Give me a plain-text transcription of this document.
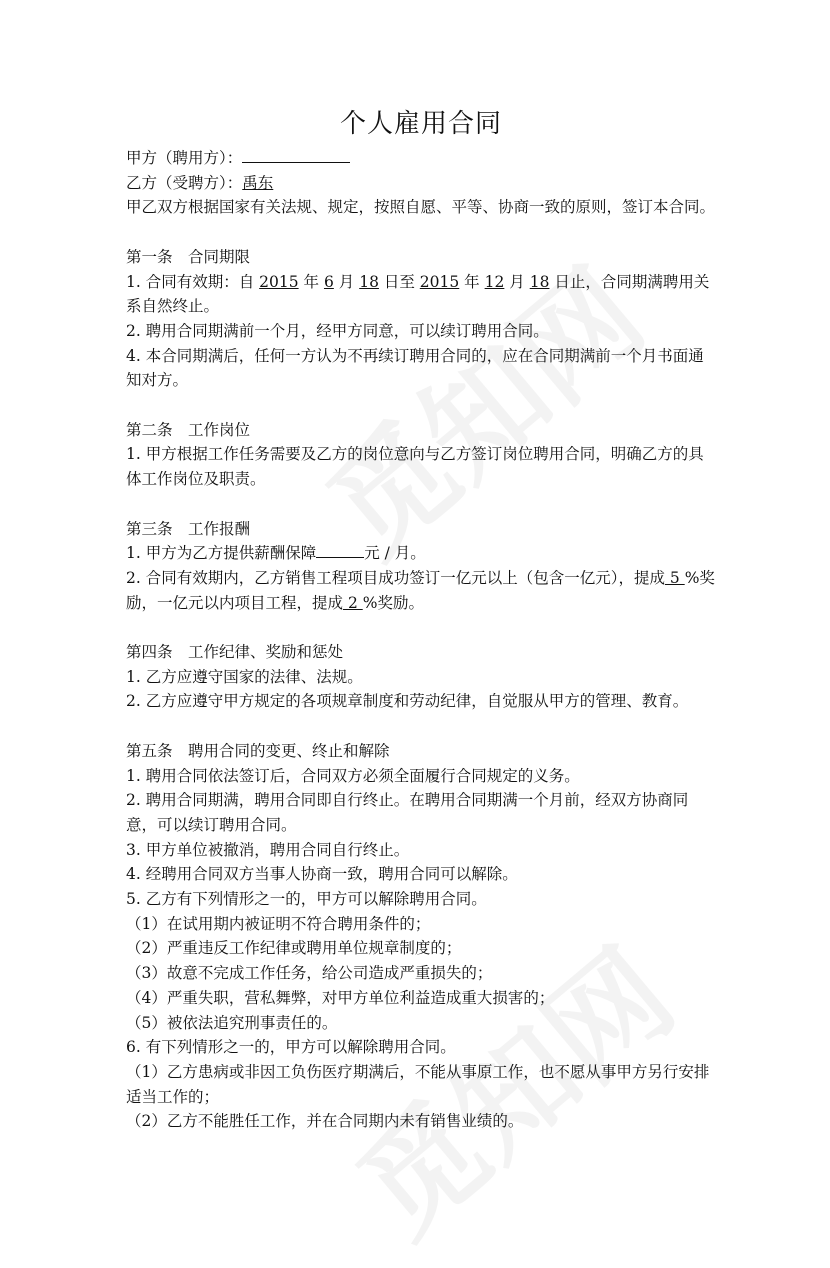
个人雇用合同
甲方（聘用方）：
乙方（受聘方）：禹东
甲乙双方根据国家有关法规、规定，按照自愿、平等、协商一致的原则，签订本合同。
第一条　合同期限
1. 合同有效期：自 2015 年 6 月 18 日至 2015 年 12 月 18 日止，合同期满聘用关系自然终止。
2. 聘用合同期满前一个月，经甲方同意，可以续订聘用合同。
4. 本合同期满后，任何一方认为不再续订聘用合同的，应在合同期满前一个月书面通知对方。
第二条　工作岗位
1. 甲方根据工作任务需要及乙方的岗位意向与乙方签订岗位聘用合同，明确乙方的具体工作岗位及职责。
第三条　工作报酬
1. 甲方为乙方提供薪酬保障	元 / 月。
2. 合同有效期内，乙方销售工程项目成功签订一亿元以上（包含一亿元），提成 5 %奖励，一亿元以内项目工程，提成 2 %奖励。
第四条　工作纪律、奖励和惩处
1. 乙方应遵守国家的法律、法规。
2. 乙方应遵守甲方规定的各项规章制度和劳动纪律，自觉服从甲方的管理、教育。
第五条　聘用合同的变更、终止和解除
1. 聘用合同依法签订后，合同双方必须全面履行合同规定的义务。
2. 聘用合同期满，聘用合同即自行终止。在聘用合同期满一个月前，经双方协商同意，可以续订聘用合同。
3. 甲方单位被撤消，聘用合同自行终止。
4. 经聘用合同双方当事人协商一致，聘用合同可以解除。
5. 乙方有下列情形之一的，甲方可以解除聘用合同。
（1）在试用期内被证明不符合聘用条件的；
（2）严重违反工作纪律或聘用单位规章制度的；
（3）故意不完成工作任务，给公司造成严重损失的；
（4）严重失职，营私舞弊，对甲方单位利益造成重大损害的；
（5）被依法追究刑事责任的。
6. 有下列情形之一的，甲方可以解除聘用合同。
（1）乙方患病或非因工负伤医疗期满后，不能从事原工作，也不愿从事甲方另行安排适当工作的；
（2）乙方不能胜任工作，并在合同期内未有销售业绩的。
